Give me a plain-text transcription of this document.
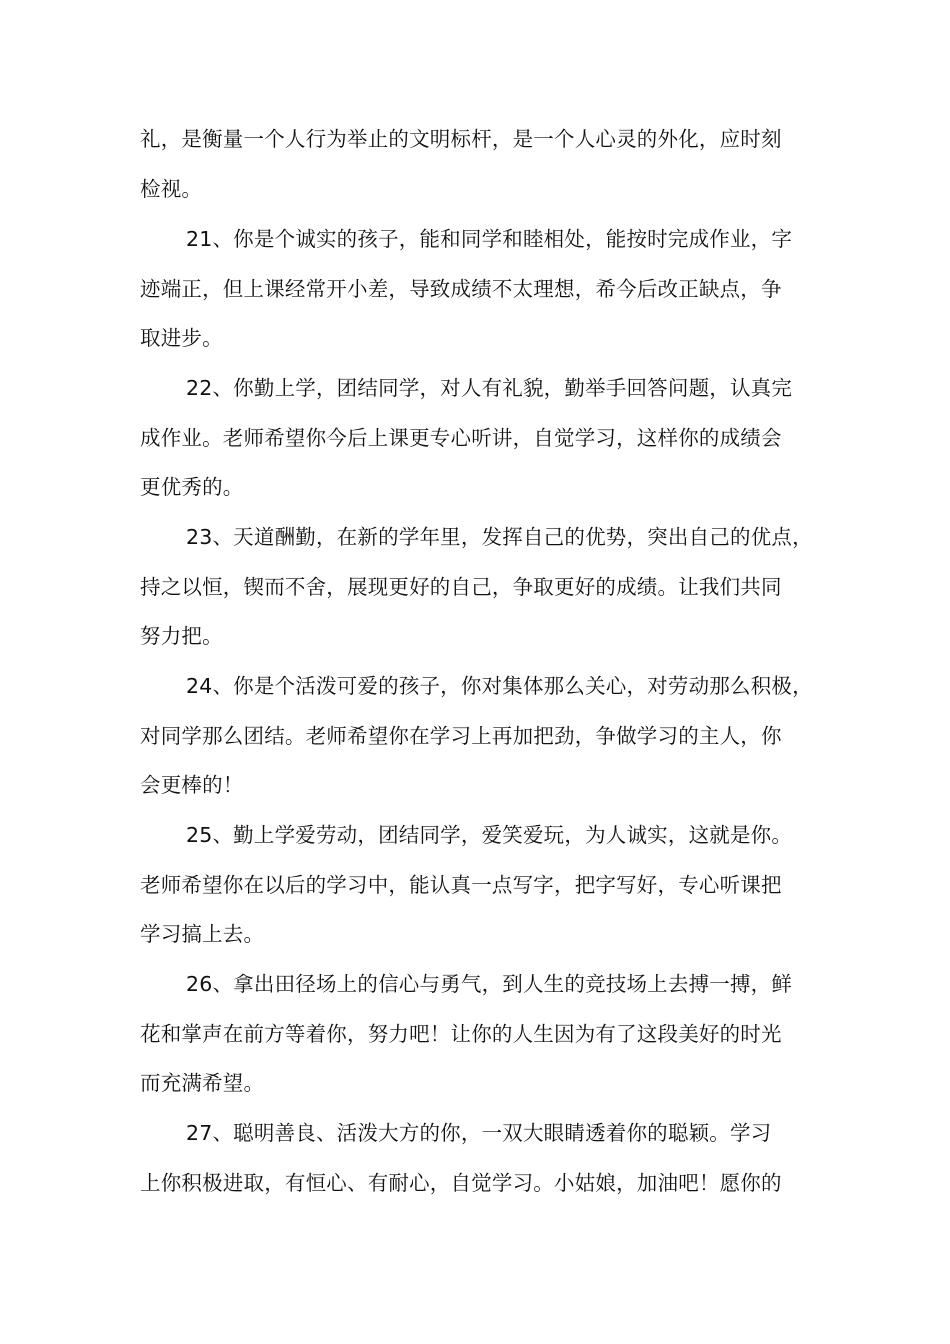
礼，是衡量一个人行为举止的文明标杆，是一个人心灵的外化，应时刻
检视。
21、你是个诚实的孩子，能和同学和睦相处，能按时完成作业，字
迹端正，但上课经常开小差，导致成绩不太理想，希今后改正缺点，争
取进步。
22、你勤上学，团结同学，对人有礼貌，勤举手回答问题，认真完
成作业。老师希望你今后上课更专心听讲，自觉学习，这样你的成绩会
更优秀的。
23、天道酬勤，在新的学年里，发挥自己的优势，突出自己的优点，
持之以恒，锲而不舍，展现更好的自己，争取更好的成绩。让我们共同
努力把。
24、你是个活泼可爱的孩子，你对集体那么关心，对劳动那么积极，
对同学那么团结。老师希望你在学习上再加把劲，争做学习的主人，你
会更棒的！
25、勤上学爱劳动，团结同学，爱笑爱玩，为人诚实，这就是你。
老师希望你在以后的学习中，能认真一点写字，把字写好，专心听课把
学习搞上去。
26、拿出田径场上的信心与勇气，到人生的竞技场上去搏一搏，鲜
花和掌声在前方等着你，努力吧！让你的人生因为有了这段美好的时光
而充满希望。
27、聪明善良、活泼大方的你，一双大眼睛透着你的聪颖。学习
上你积极进取，有恒心、有耐心，自觉学习。小姑娘，加油吧！愿你的
